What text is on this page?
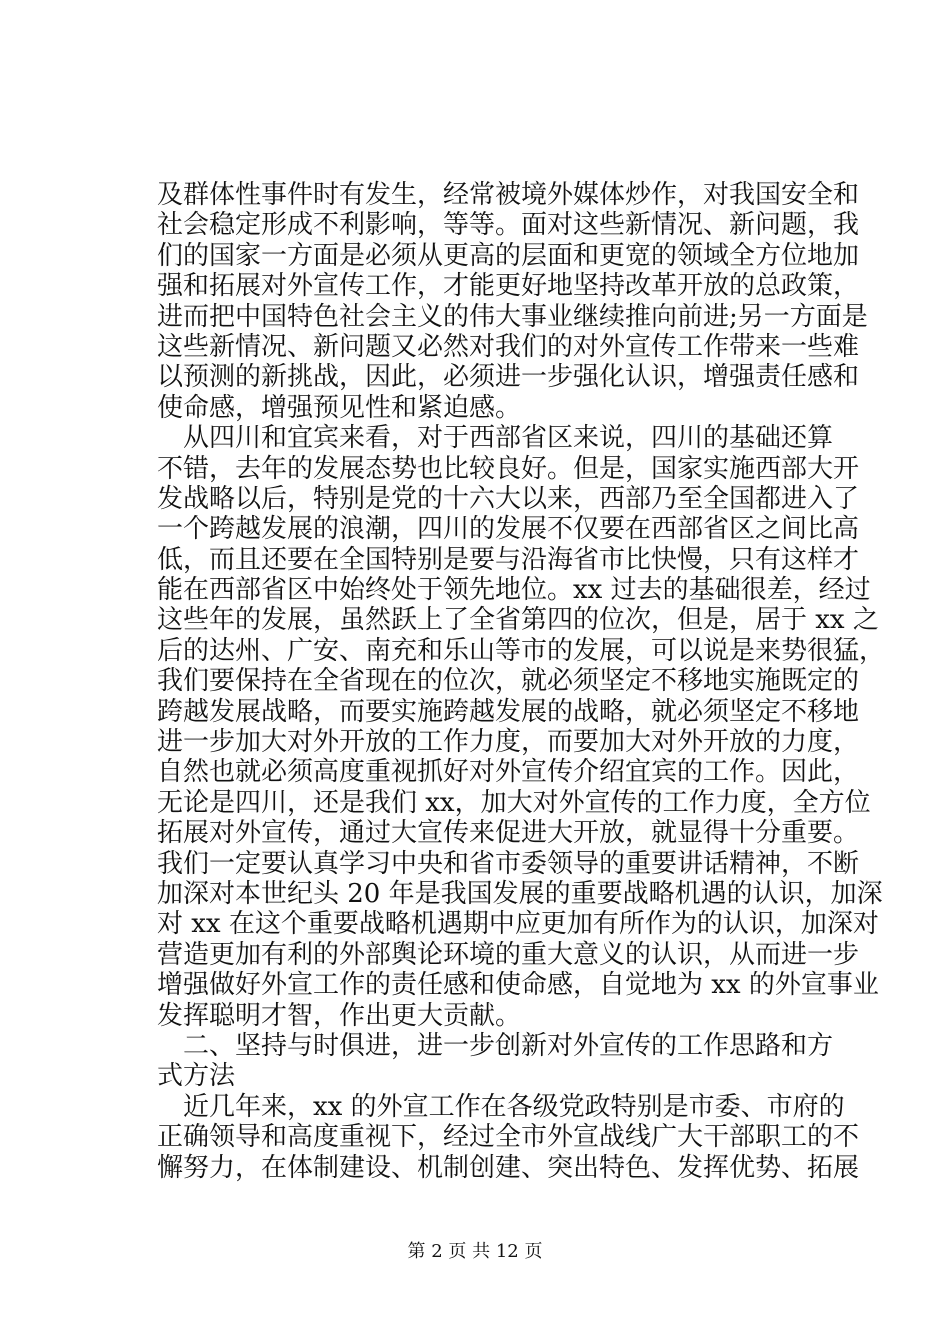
及群体性事件时有发生，经常被境外媒体炒作，对我国安全和
社会稳定形成不利影响，等等。面对这些新情况、新问题，我
们的国家一方面是必须从更高的层面和更宽的领域全方位地加
强和拓展对外宣传工作，才能更好地坚持改革开放的总政策，
进而把中国特色社会主义的伟大事业继续推向前进;另一方面是
这些新情况、新问题又必然对我们的对外宣传工作带来一些难
以预测的新挑战，因此，必须进一步强化认识，增强责任感和
使命感，增强预见性和紧迫感。
从四川和宜宾来看，对于西部省区来说，四川的基础还算
不错，去年的发展态势也比较良好。但是，国家实施西部大开
发战略以后，特别是党的十六大以来，西部乃至全国都进入了
一个跨越发展的浪潮，四川的发展不仅要在西部省区之间比高
低，而且还要在全国特别是要与沿海省市比快慢，只有这样才
能在西部省区中始终处于领先地位。xx 过去的基础很差，经过
这些年的发展，虽然跃上了全省第四的位次，但是，居于 xx 之
后的达州、广安、南充和乐山等市的发展，可以说是来势很猛，
我们要保持在全省现在的位次，就必须坚定不移地实施既定的
跨越发展战略，而要实施跨越发展的战略，就必须坚定不移地
进一步加大对外开放的工作力度，而要加大对外开放的力度，
自然也就必须高度重视抓好对外宣传介绍宜宾的工作。因此，
无论是四川，还是我们 xx，加大对外宣传的工作力度，全方位
拓展对外宣传，通过大宣传来促进大开放，就显得十分重要。
我们一定要认真学习中央和省市委领导的重要讲话精神，不断
加深对本世纪头 20 年是我国发展的重要战略机遇的认识，加深
对 xx 在这个重要战略机遇期中应更加有所作为的认识，加深对
营造更加有利的外部舆论环境的重大意义的认识，从而进一步
增强做好外宣工作的责任感和使命感，自觉地为 xx 的外宣事业
发挥聪明才智，作出更大贡献。
二、坚持与时俱进，进一步创新对外宣传的工作思路和方
式方法
近几年来，xx 的外宣工作在各级党政特别是市委、市府的
正确领导和高度重视下，经过全市外宣战线广大干部职工的不
懈努力，在体制建设、机制创建、突出特色、发挥优势、拓展
第 2 页 共 12 页
